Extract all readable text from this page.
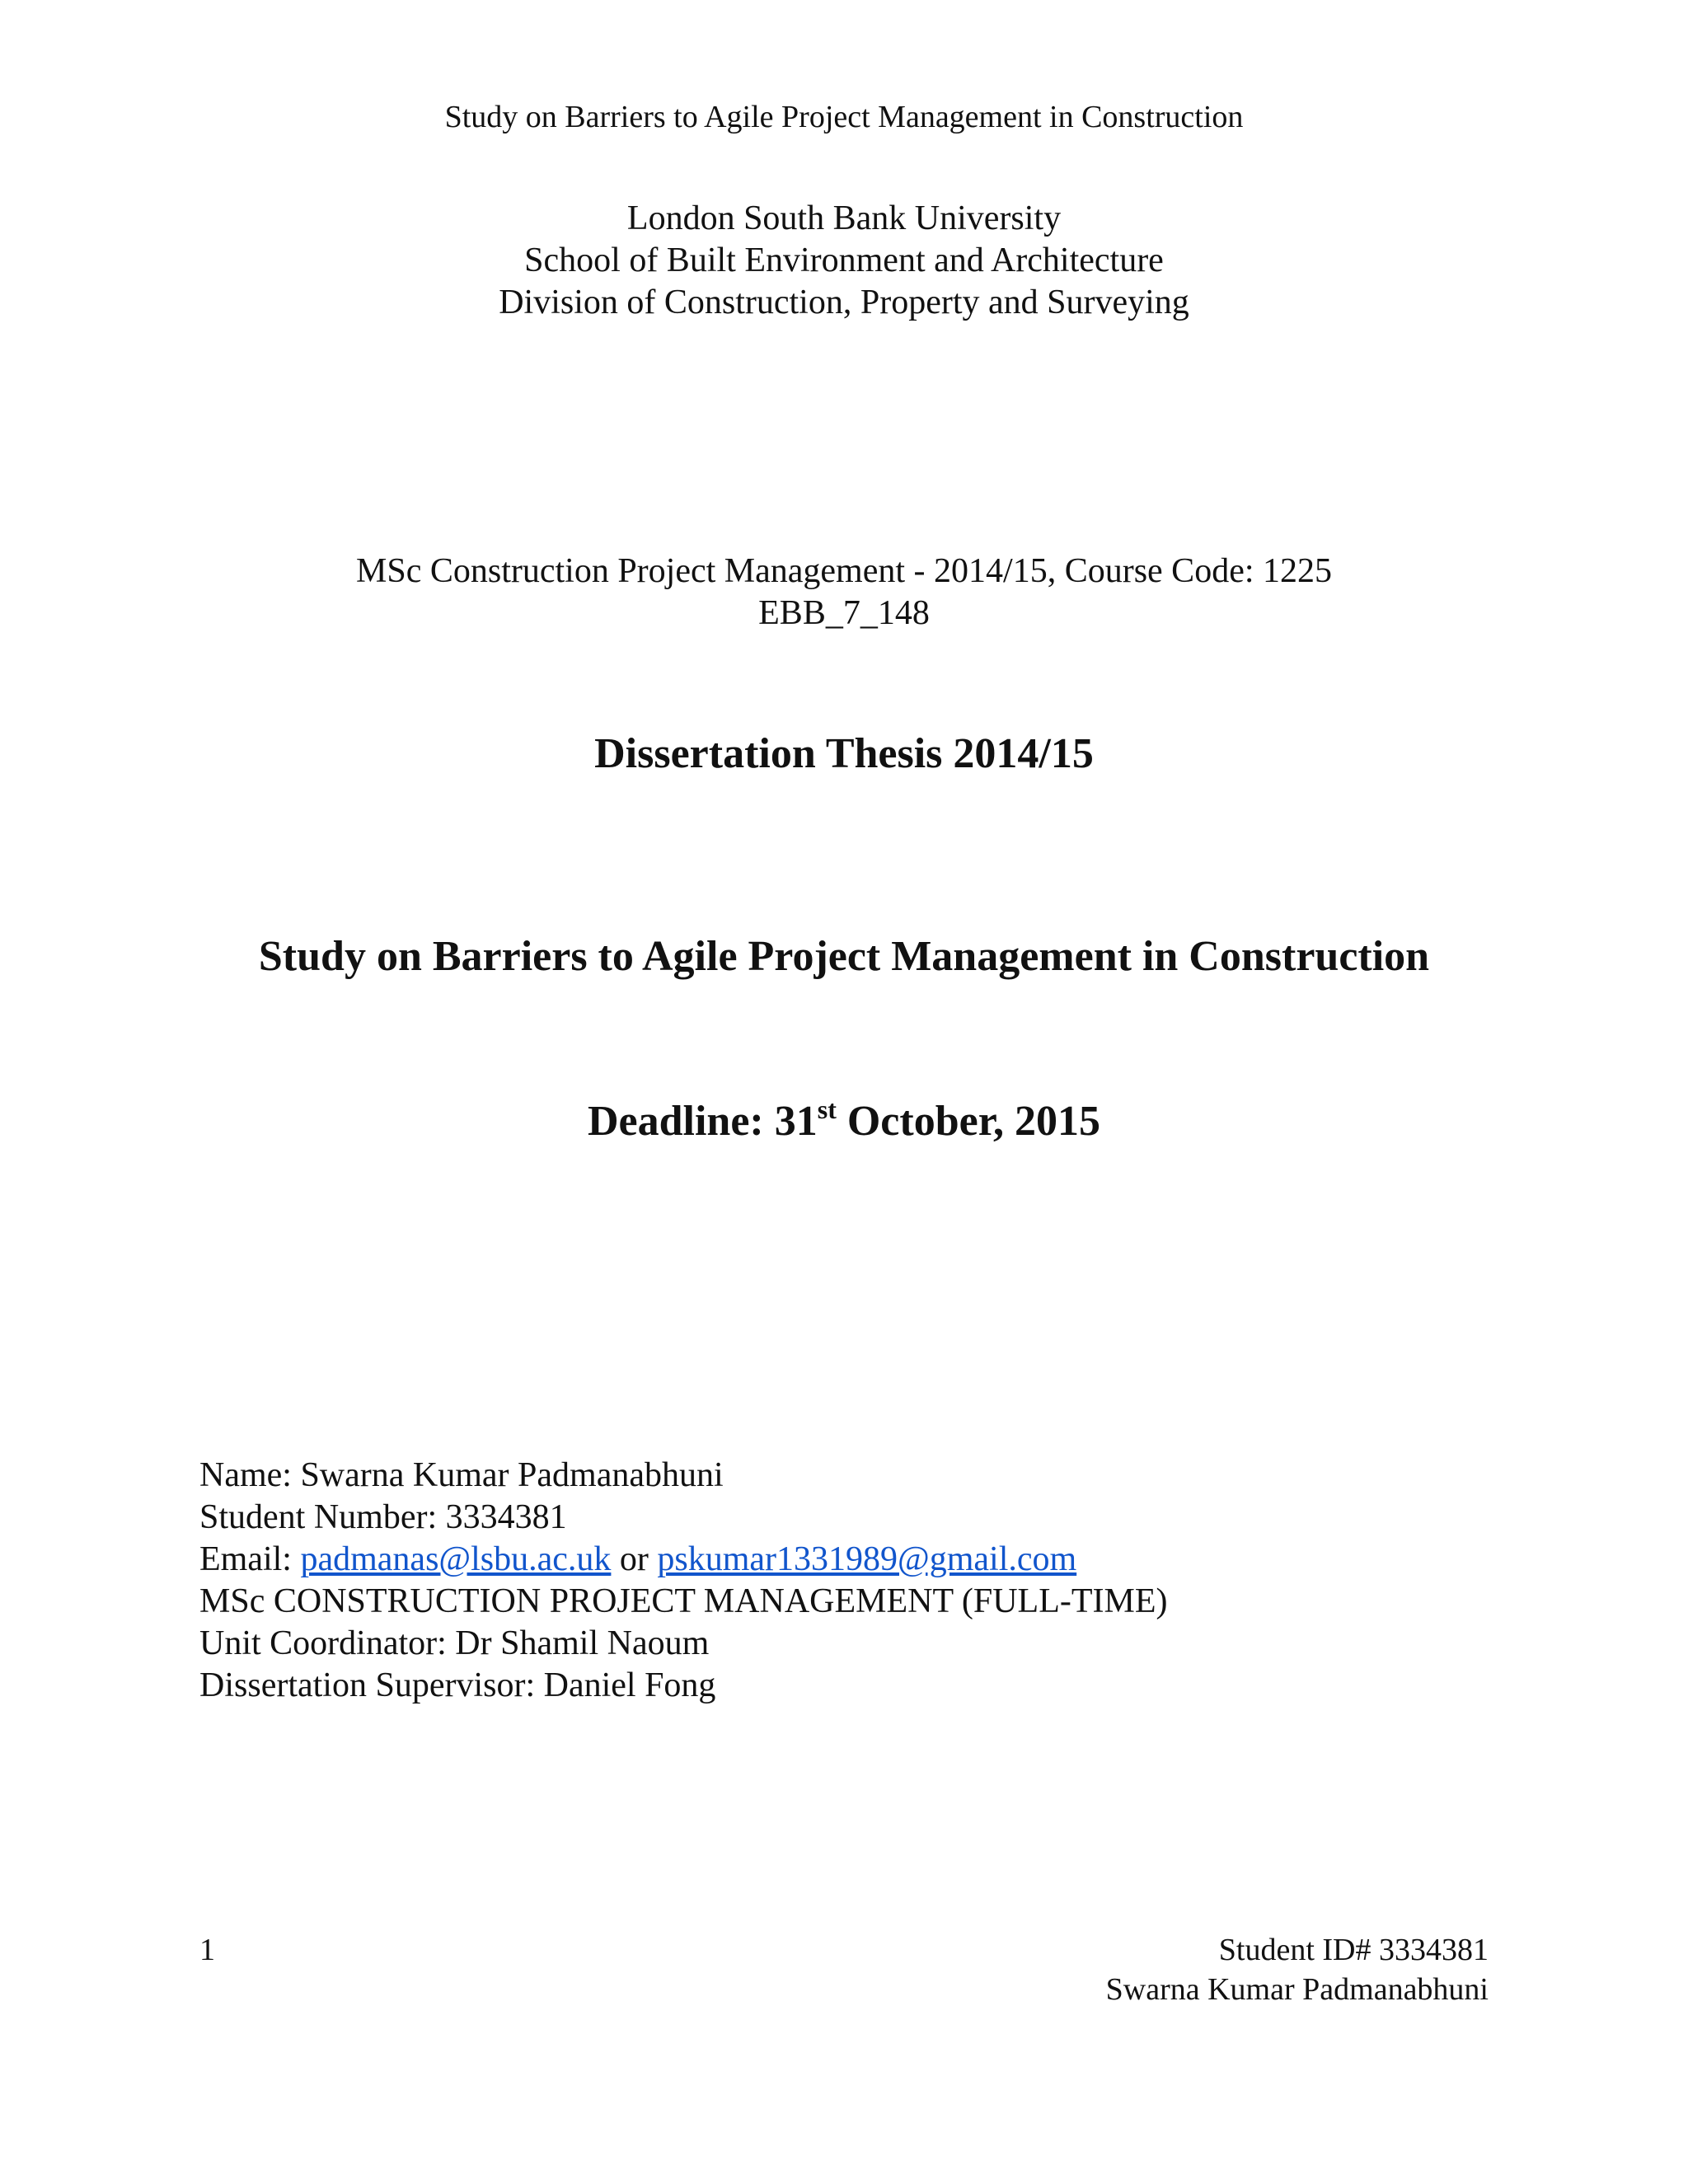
Study on Barriers to Agile Project Management in Construction
London South Bank University
School of Built Environment and Architecture
Division of Construction, Property and Surveying
MSc Construction Project Management - 2014/15, Course Code: 1225
EBB_7_148
Dissertation Thesis 2014/15
Study on Barriers to Agile Project Management in Construction
Deadline: 31st October, 2015
Name: Swarna Kumar Padmanabhuni
Student Number: 3334381
Email: padmanas@lsbu.ac.uk or pskumar1331989@gmail.com
MSc CONSTRUCTION PROJECT MANAGEMENT (FULL-TIME)
Unit Coordinator: Dr Shamil Naoum
Dissertation Supervisor: Daniel Fong
1	Student ID# 3334381
Swarna Kumar Padmanabhuni
